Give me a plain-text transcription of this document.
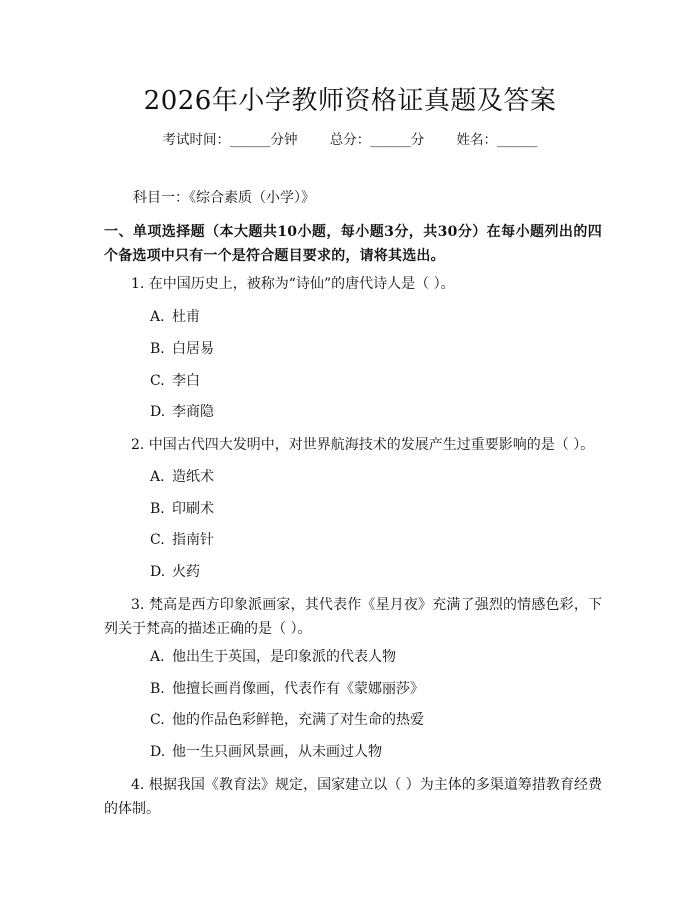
2026年小学教师资格证真题及答案
考试时间：______分钟 总分：______分 姓名：______
科目一：《综合素质（小学）》
一、单项选择题（本大题共10小题，每小题3分，共30分）在每小题列出的四个备选项中只有一个是符合题目要求的，请将其选出。
1. 在中国历史上，被称为“诗仙”的唐代诗人是（ ）。
A. 杜甫
B. 白居易
C. 李白
D. 李商隐
2. 中国古代四大发明中，对世界航海技术的发展产生过重要影响的是（ ）。
A. 造纸术
B. 印刷术
C. 指南针
D. 火药
3. 梵高是西方印象派画家，其代表作《星月夜》充满了强烈的情感色彩，下列关于梵高的描述正确的是（ ）。
A. 他出生于英国，是印象派的代表人物
B. 他擅长画肖像画，代表作有《蒙娜丽莎》
C. 他的作品色彩鲜艳，充满了对生命的热爱
D. 他一生只画风景画，从未画过人物
4. 根据我国《教育法》规定，国家建立以（ ）为主体的多渠道筹措教育经费的体制。
